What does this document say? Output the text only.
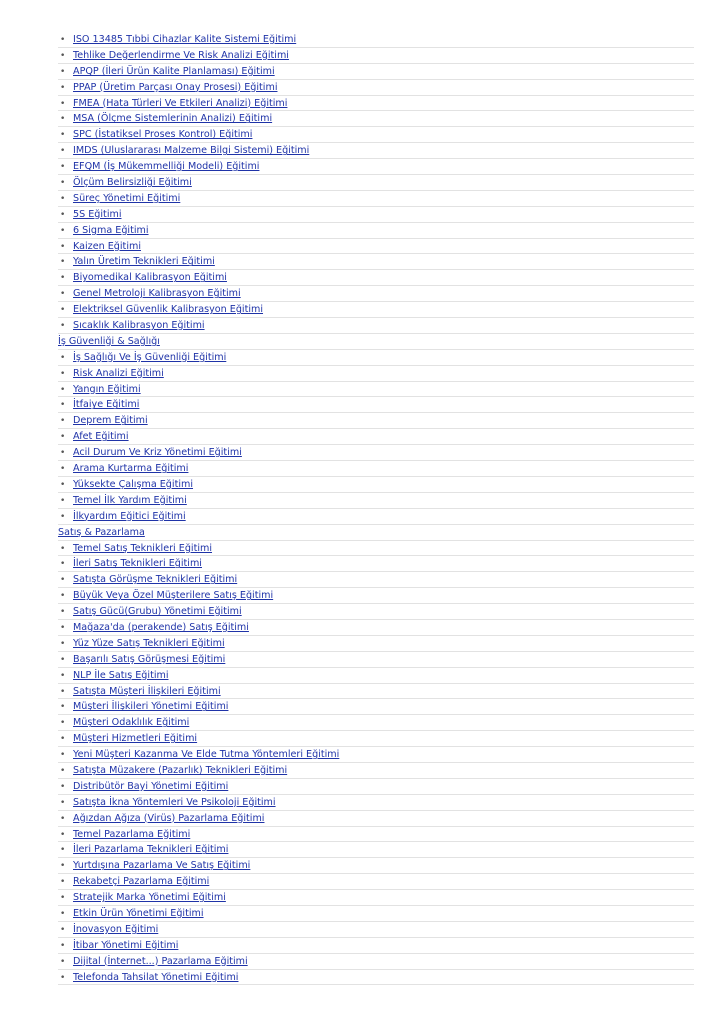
• ISO 13485 Tıbbi Cihazlar Kalite Sistemi Eğitimi
• Tehlike Değerlendirme Ve Risk Analizi Eğitimi
• APQP (İleri Ürün Kalite Planlaması) Eğitimi
• PPAP (Üretim Parçası Onay Prosesi) Eğitimi
• FMEA (Hata Türleri Ve Etkileri Analizi) Eğitimi
• MSA (Ölçme Sistemlerinin Analizi) Eğitimi
• SPC (İstatiksel Proses Kontrol) Eğitimi
• IMDS (Uluslararası Malzeme Bilgi Sistemi) Eğitimi
• EFQM (İş Mükemmelliği Modeli) Eğitimi
• Ölçüm Belirsizliği Eğitimi
• Süreç Yönetimi Eğitimi
• 5S Eğitimi
• 6 Sigma Eğitimi
• Kaizen Eğitimi
• Yalın Üretim Teknikleri Eğitimi
• Biyomedikal Kalibrasyon Eğitimi
• Genel Metroloji Kalibrasyon Eğitimi
• Elektriksel Güvenlik Kalibrasyon Eğitimi
• Sıcaklık Kalibrasyon Eğitimi
İş Güvenliği & Sağlığı
• İş Sağlığı Ve İş Güvenliği Eğitimi
• Risk Analizi Eğitimi
• Yangın Eğitimi
• İtfaiye Eğitimi
• Deprem Eğitimi
• Afet Eğitimi
• Acil Durum Ve Kriz Yönetimi Eğitimi
• Arama Kurtarma Eğitimi
• Yüksekte Çalışma Eğitimi
• Temel İlk Yardım Eğitimi
• İlkyardım Eğitici Eğitimi
Satış & Pazarlama
• Temel Satış Teknikleri Eğitimi
• İleri Satış Teknikleri Eğitimi
• Satışta Görüşme Teknikleri Eğitimi
• Büyük Veya Özel Müşterilere Satış Eğitimi
• Satış Gücü(Grubu) Yönetimi Eğitimi
• Mağaza'da (perakende) Satış Eğitimi
• Yüz Yüze Satış Teknikleri Eğitimi
• Başarılı Satış Görüşmesi Eğitimi
• NLP İle Satış Eğitimi
• Satışta Müşteri İlişkileri Eğitimi
• Müşteri İlişkileri Yönetimi Eğitimi
• Müşteri Odaklılık Eğitimi
• Müşteri Hizmetleri Eğitimi
• Yeni Müşteri Kazanma Ve Elde Tutma Yöntemleri Eğitimi
• Satışta Müzakere (Pazarlık) Teknikleri Eğitimi
• Distribütör Bayi Yönetimi Eğitimi
• Satışta İkna Yöntemleri Ve Psikoloji Eğitimi
• Ağızdan Ağıza (Virüs) Pazarlama Eğitimi
• Temel Pazarlama Eğitimi
• İleri Pazarlama Teknikleri Eğitimi
• Yurtdışına Pazarlama Ve Satış Eğitimi
• Rekabetçi Pazarlama Eğitimi
• Stratejik Marka Yönetimi Eğitimi
• Etkin Ürün Yönetimi Eğitimi
• İnovasyon Eğitimi
• İtibar Yönetimi Eğitimi
• Dijital (İnternet...) Pazarlama Eğitimi
• Telefonda Tahsilat Yönetimi Eğitimi
